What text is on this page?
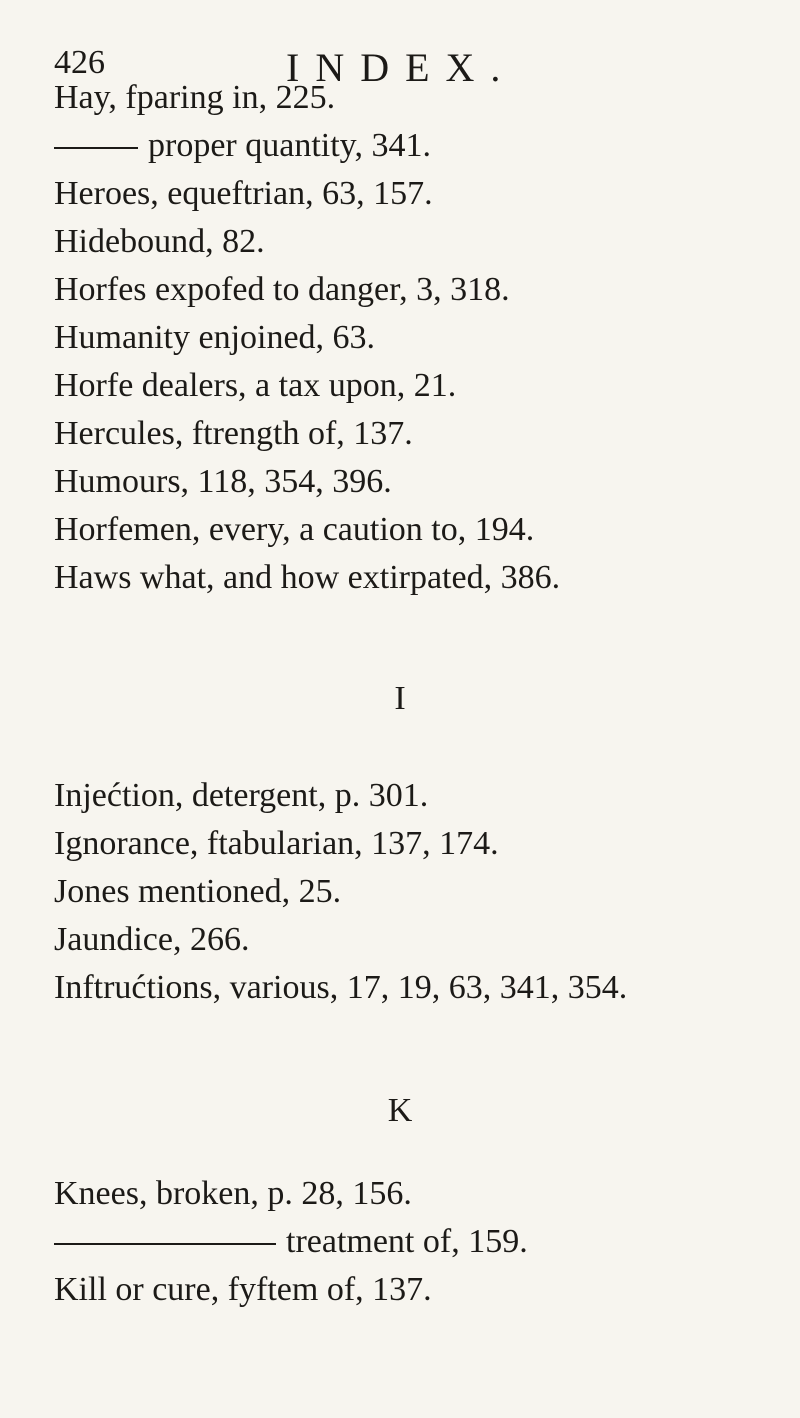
426	INDEX.
Hay, fparing in, 225.
proper quantity, 341.
Heroes, equeftrian, 63, 157.
Hidebound, 82.
Horfes expofed to danger, 3, 318.
Humanity enjoined, 63.
Horfe dealers, a tax upon, 21.
Hercules, ftrength of, 137.
Humours, 118, 354, 396.
Horfemen, every, a caution to, 194.
Haws what, and how extirpated, 386.
I
Injećtion, detergent, p. 301.
Ignorance, ftabularian, 137, 174.
Jones mentioned, 25.
Jaundice, 266.
Inftrućtions, various, 17, 19, 63, 341, 354.
K
Knees, broken, p. 28, 156.
treatment of, 159.
Kill or cure, fyftem of, 137.
